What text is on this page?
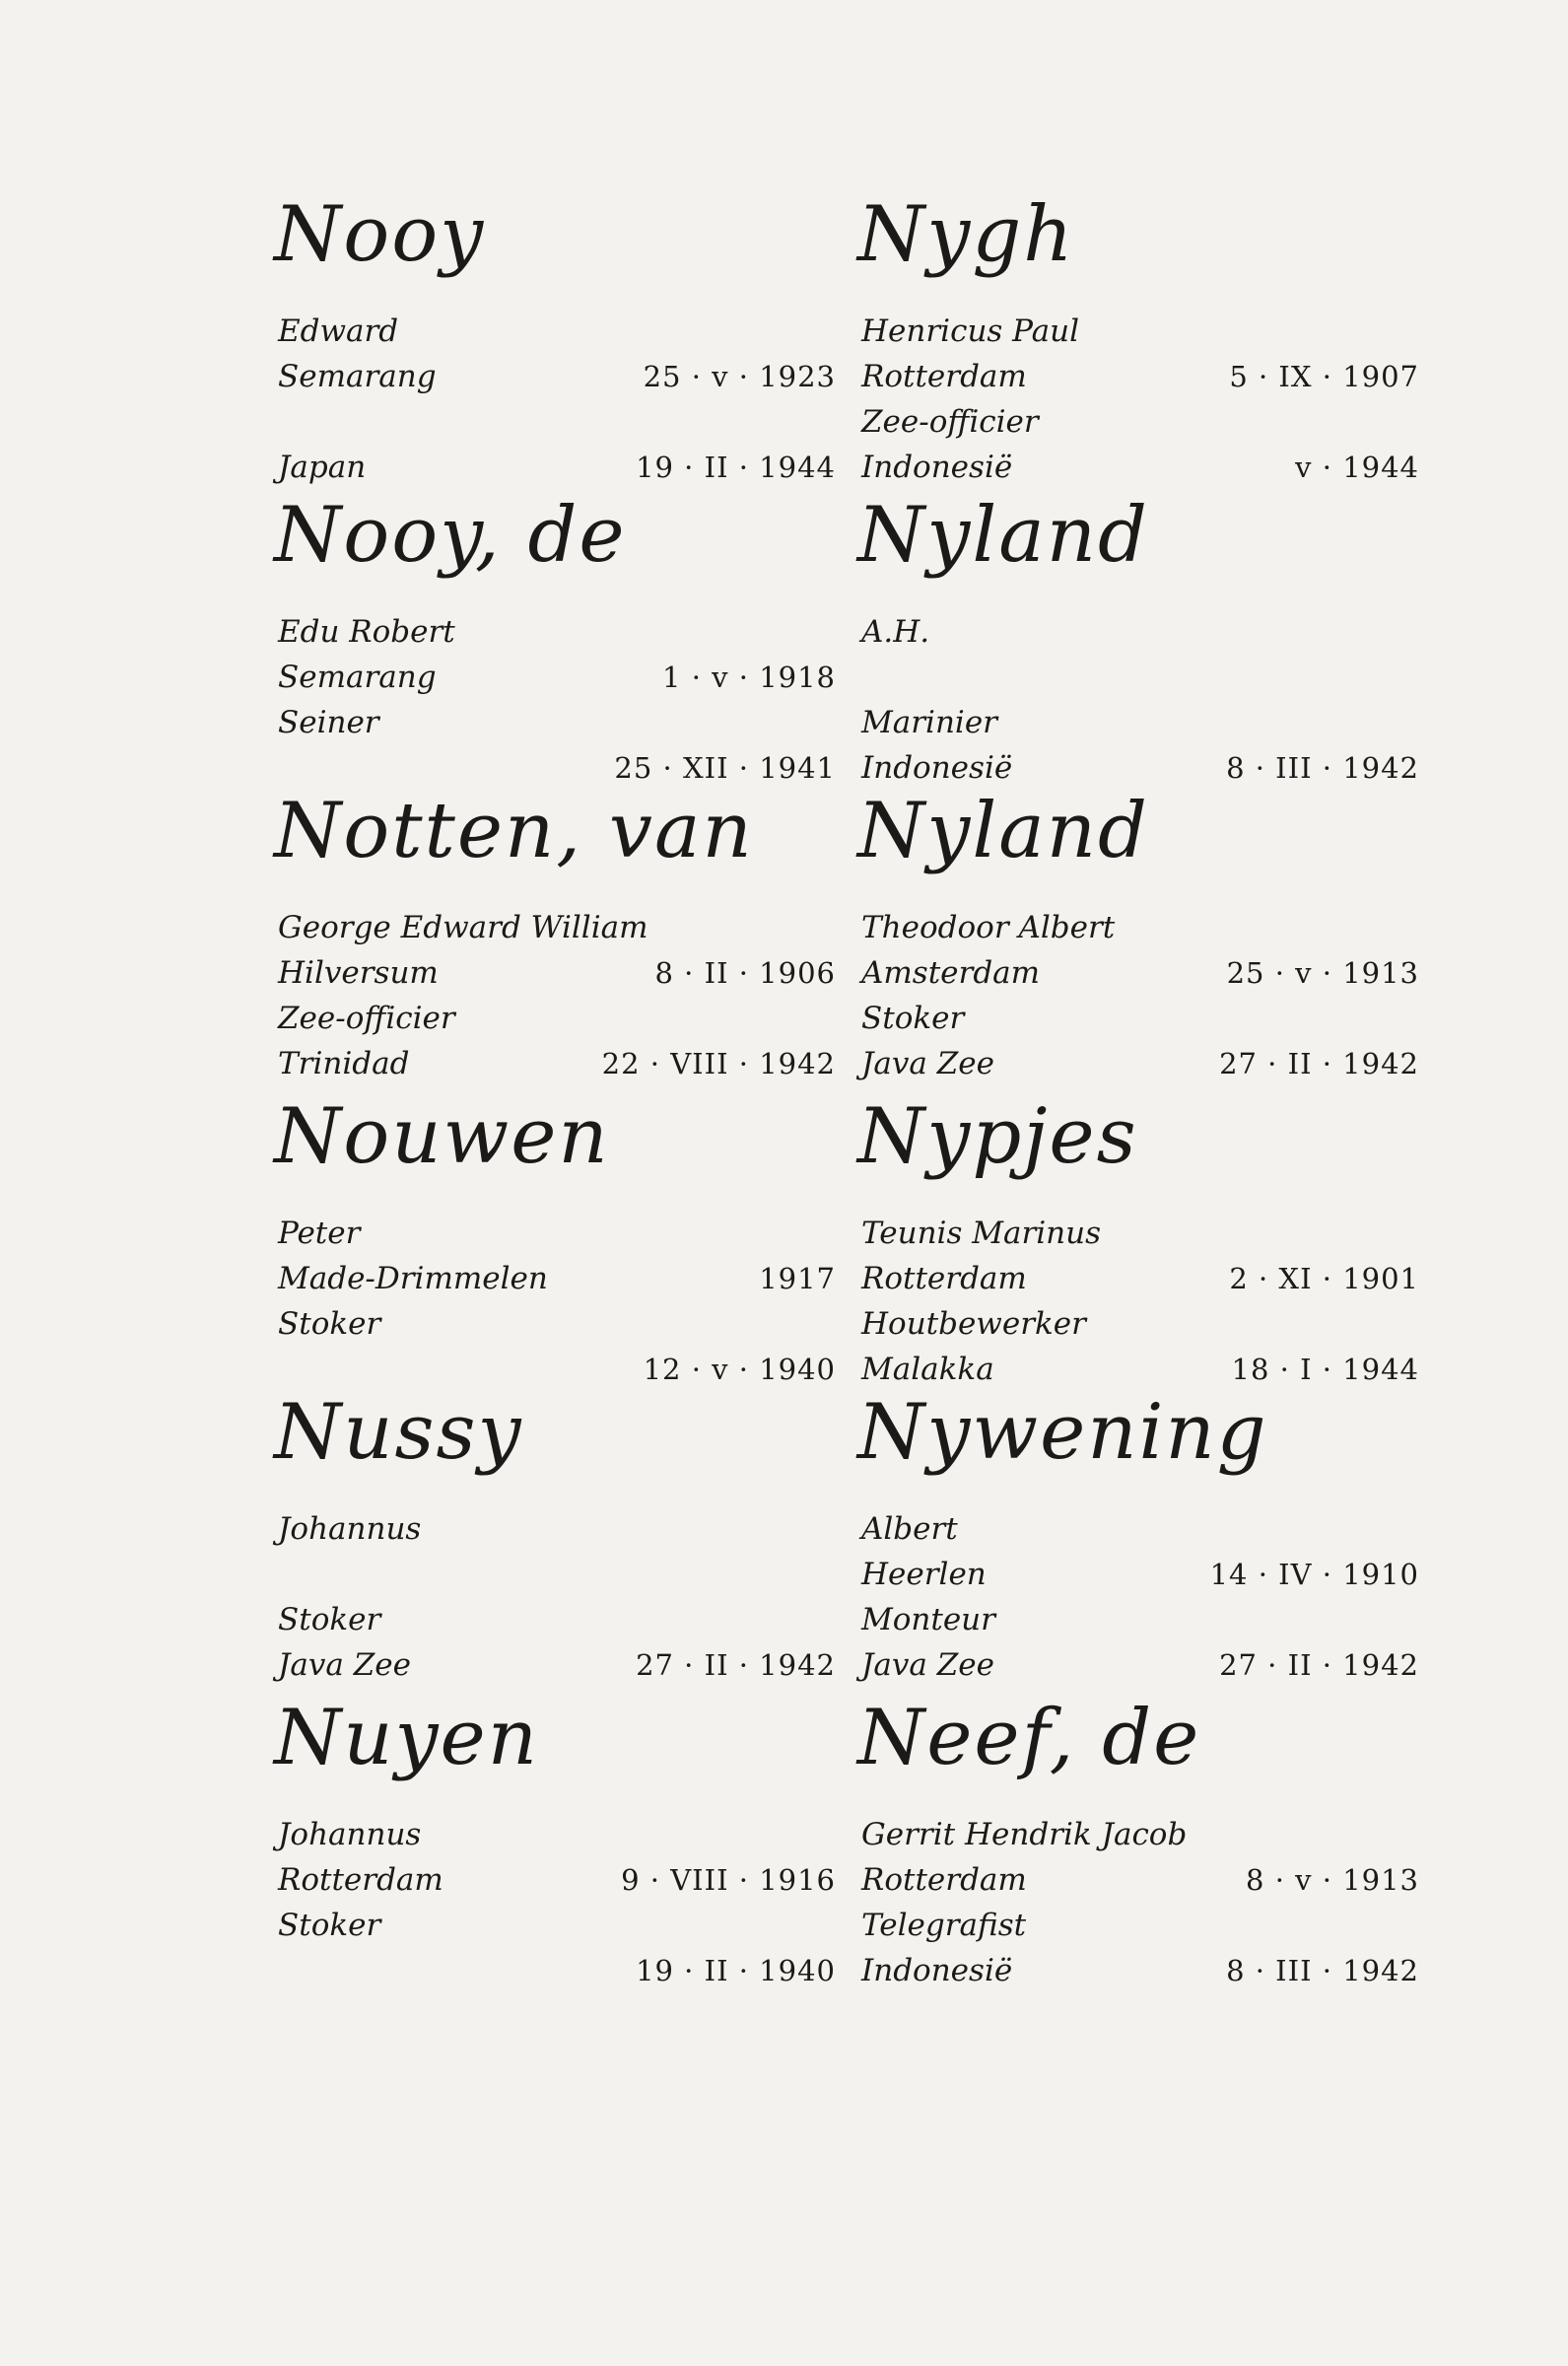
Nooy
Edward
Semarang	25 · v · 1923
Japan	19 · II · 1944
Nooy, de
Edu Robert
Semarang	1 · v · 1918
Seiner
25 · XII · 1941
Notten, van
George Edward William
Hilversum	8 · II · 1906
Zee-officier
Trinidad	22 · VIII · 1942
Nouwen
Peter
Made-Drimmelen	1917
Stoker
12 · v · 1940
Nussy
Johannus
Stoker
Java Zee	27 · II · 1942
Nuyen
Johannus
Rotterdam	9 · VIII · 1916
Stoker
19 · II · 1940
Nygh
Henricus Paul
Rotterdam	5 · IX · 1907
Zee-officier
Indonesië	v · 1944
Nyland
A.H.
Marinier
Indonesië	8 · III · 1942
Nyland
Theodoor Albert
Amsterdam	25 · v · 1913
Stoker
Java Zee	27 · II · 1942
Nypjes
Teunis Marinus
Rotterdam	2 · XI · 1901
Houtbewerker
Malakka	18 · I · 1944
Nywening
Albert
Heerlen	14 · IV · 1910
Monteur
Java Zee	27 · II · 1942
Neef, de
Gerrit Hendrik Jacob
Rotterdam	8 · v · 1913
Telegrafist
Indonesië	8 · III · 1942
